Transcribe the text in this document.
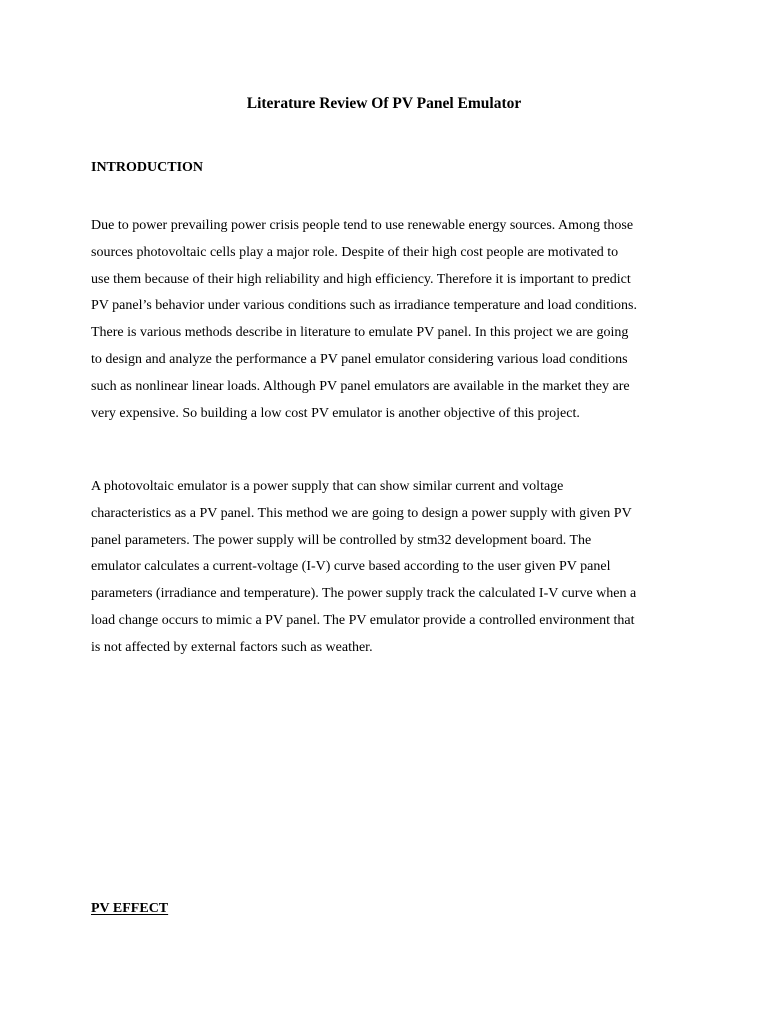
Literature Review Of PV Panel Emulator
INTRODUCTION

Due to power prevailing power crisis people tend to use renewable energy sources. Among those
sources photovoltaic cells play a major role. Despite of their high cost people are motivated to
use them because of their high reliability and high efficiency. Therefore it is important to predict
PV panel’s behavior under various conditions such as irradiance temperature and load conditions.
There is various methods describe in literature to emulate PV panel. In this project we are going
to design and analyze the performance a PV panel emulator considering various load conditions
such as nonlinear linear loads. Although PV panel emulators are available in the market they are
very expensive. So building a low cost PV emulator is another objective of this project.

A photovoltaic emulator is a power supply that can show similar current and voltage
characteristics as a PV panel. This method we are going to design a power supply with given PV
panel parameters. The power supply will be controlled by stm32 development board. The
emulator calculates a current-voltage (I-V) curve based according to the user given PV panel
parameters (irradiance and temperature). The power supply track the calculated I-V curve when a
load change occurs to mimic a PV panel. The PV emulator provide a controlled environment that
is not affected by external factors such as weather.

PV EFFECT
